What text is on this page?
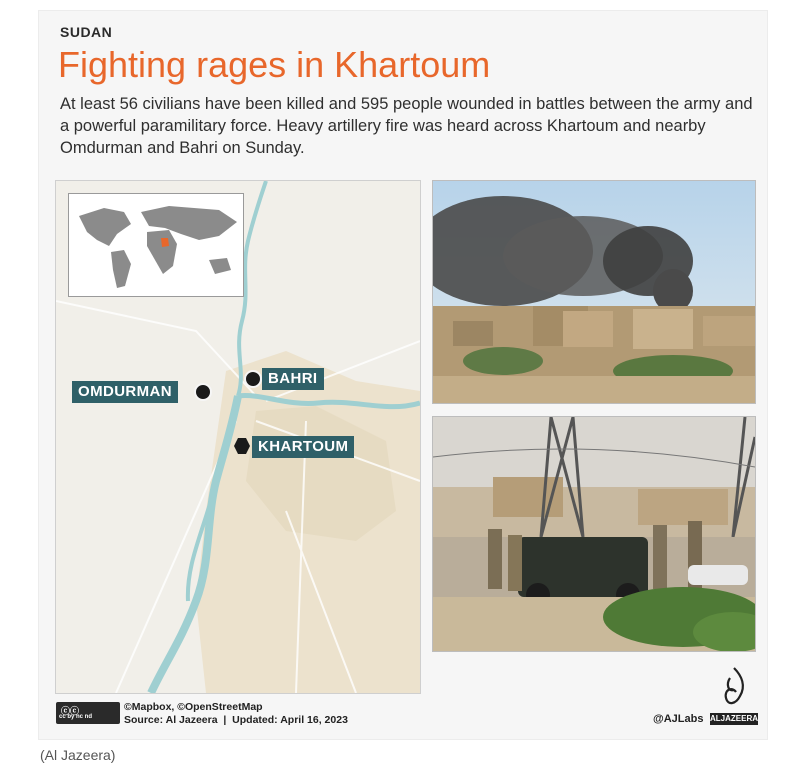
SUDAN
Fighting rages in Khartoum
At least 56 civilians have been killed and 595 people wounded in battles between the army and a powerful paramilitary force. Heavy artillery fire was heard across Khartoum and nearby Omdurman and Bahri on Sunday.
OMDURMAN
BAHRI
KHARTOUM
ⓒⓒ
cc by nc nd
©Mapbox, ©OpenStreetMap
Source: Al Jazeera  |  Updated: April 16, 2023	@AJLabs ALJAZEERA
(Al Jazeera)
